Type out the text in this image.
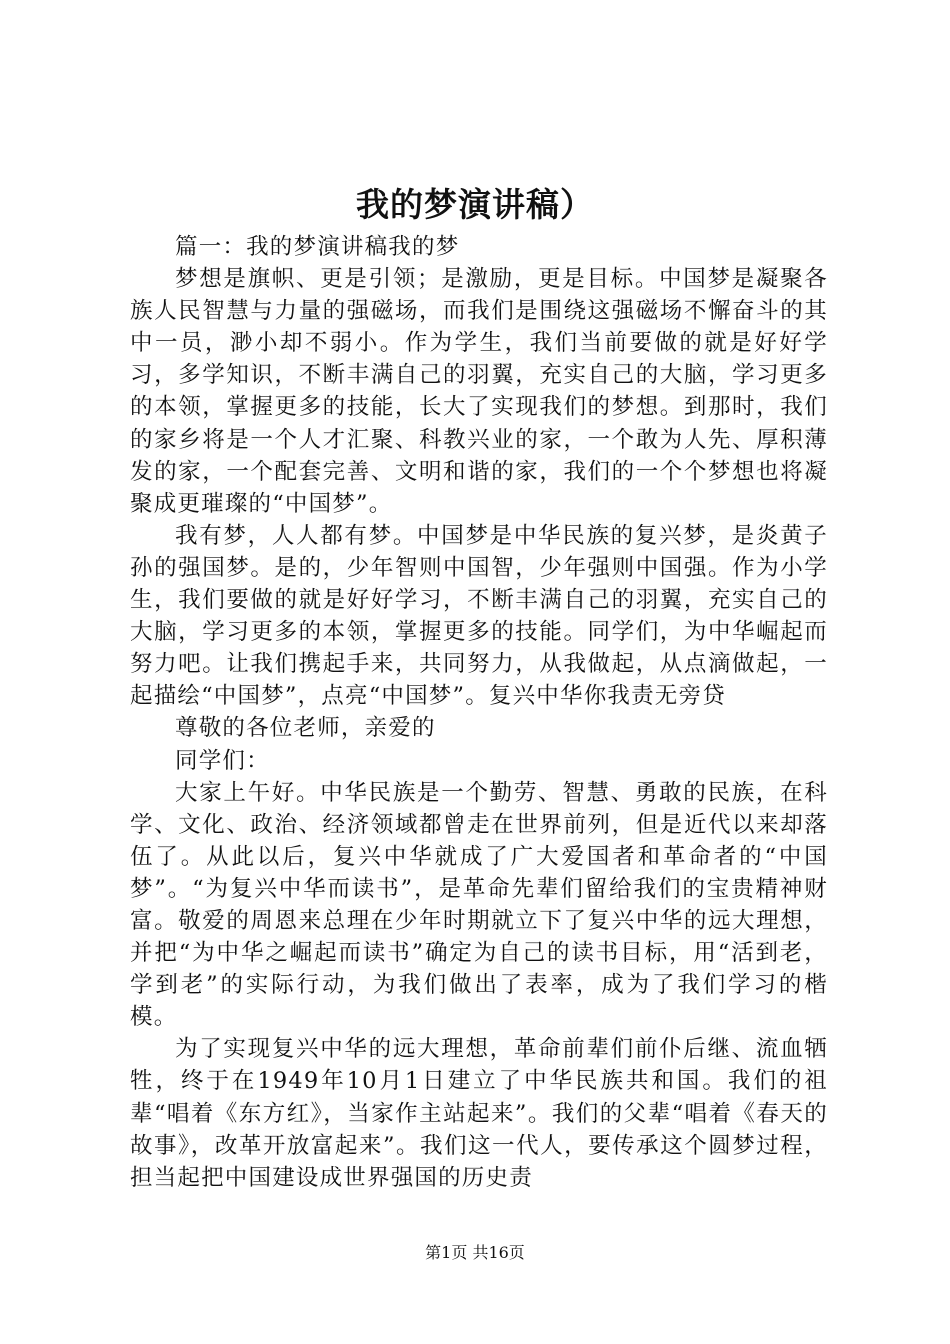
我的梦演讲稿）

篇一：我的梦演讲稿我的梦

梦想是旗帜、更是引领；是激励，更是目标。中国梦是凝聚各族人民智慧与力量的强磁场，而我们是围绕这强磁场不懈奋斗的其中一员，渺小却不弱小。作为学生，我们当前要做的就是好好学习，多学知识，不断丰满自己的羽翼，充实自己的大脑，学习更多的本领，掌握更多的技能，长大了实现我们的梦想。到那时，我们的家乡将是一个人才汇聚、科教兴业的家，一个敢为人先、厚积薄发的家，一个配套完善、文明和谐的家，我们的一个个梦想也将凝聚成更璀璨的“中国梦”。

我有梦，人人都有梦。中国梦是中华民族的复兴梦，是炎黄子孙的强国梦。是的，少年智则中国智，少年强则中国强。作为小学生，我们要做的就是好好学习，不断丰满自己的羽翼，充实自己的大脑，学习更多的本领，掌握更多的技能。同学们，为中华崛起而努力吧。让我们携起手来，共同努力，从我做起，从点滴做起，一起描绘“中国梦”，点亮“中国梦”。复兴中华你我责无旁贷

尊敬的各位老师，亲爱的

同学们：

大家上午好。中华民族是一个勤劳、智慧、勇敢的民族，在科学、文化、政治、经济领域都曾走在世界前列，但是近代以来却落伍了。从此以后，复兴中华就成了广大爱国者和革命者的“中国梦”。“为复兴中华而读书”，是革命先辈们留给我们的宝贵精神财富。敬爱的周恩来总理在少年时期就立下了复兴中华的远大理想，并把“为中华之崛起而读书”确定为自己的读书目标，用“活到老，学到老”的实际行动，为我们做出了表率，成为了我们学习的楷模。

为了实现复兴中华的远大理想，革命前辈们前仆后继、流血牺牲，终于在1949年10月1日建立了中华民族共和国。我们的祖辈“唱着《东方红》，当家作主站起来”。我们的父辈“唱着《春天的故事》，改革开放富起来”。我们这一代人，要传承这个圆梦过程，担当起把中国建设成世界强国的历史责

第1页 共16页
